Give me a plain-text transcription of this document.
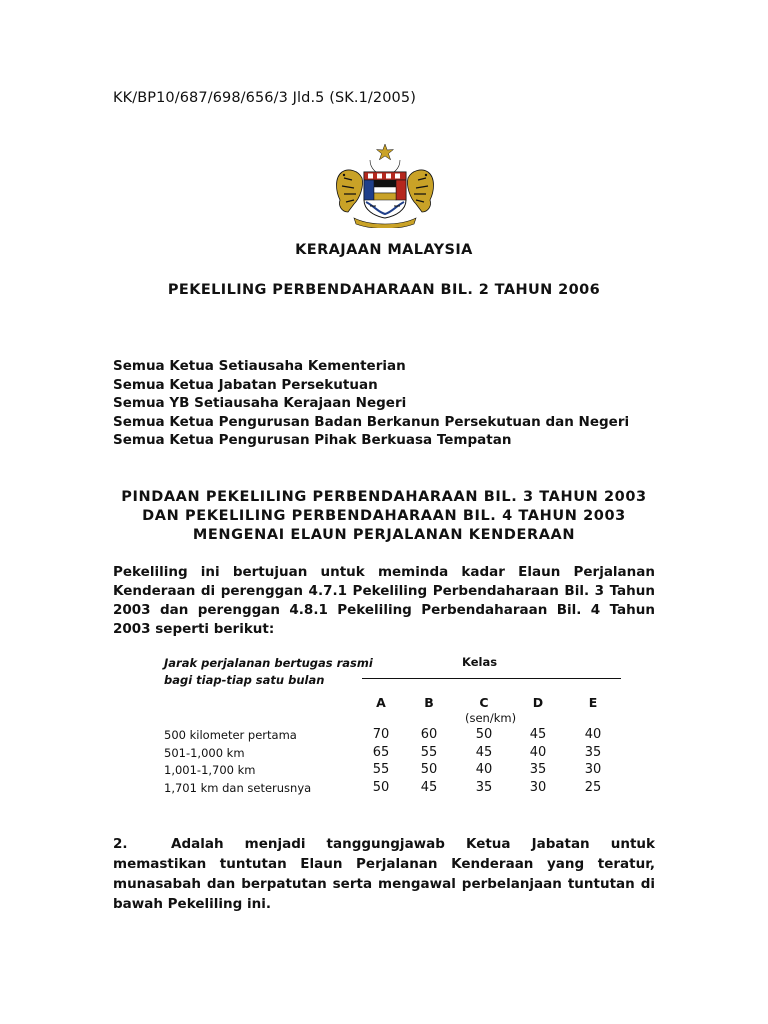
KK/BP10/687/698/656/3 Jld.5 (SK.1/2005)
KERAJAAN MALAYSIA
PEKELILING PERBENDAHARAAN BIL. 2 TAHUN 2006
Semua Ketua Setiausaha Kementerian
Semua Ketua Jabatan Persekutuan
Semua YB Setiausaha Kerajaan Negeri
Semua Ketua Pengurusan Badan Berkanun Persekutuan dan Negeri
Semua Ketua Pengurusan Pihak Berkuasa Tempatan
PINDAAN PEKELILING PERBENDAHARAAN BIL. 3 TAHUN 2003
DAN PEKELILING PERBENDAHARAAN BIL. 4 TAHUN 2003
MENGENAI ELAUN PERJALANAN KENDERAAN
Pekeliling ini bertujuan untuk meminda kadar Elaun Perjalanan Kenderaan di perenggan 4.7.1 Pekeliling Perbendaharaan Bil. 3 Tahun 2003 dan perenggan 4.8.1 Pekeliling Perbendaharaan Bil. 4 Tahun 2003 seperti berikut:
Jarak perjalanan bertugas rasmi
bagi tiap-tiap satu bulan
Kelas
A	B	C	D	E
(sen/km)
500 kilometer pertama	70	60	50	45	40
501-1,000 km	65	55	45	40	35
1,001-1,700 km	55	50	40	35	30
1,701 km dan seterusnya	50	45	35	30	25
2.	Adalah menjadi tanggungjawab Ketua Jabatan untuk memastikan tuntutan Elaun Perjalanan Kenderaan yang teratur, munasabah dan berpatutan serta mengawal perbelanjaan tuntutan di bawah Pekeliling ini.
